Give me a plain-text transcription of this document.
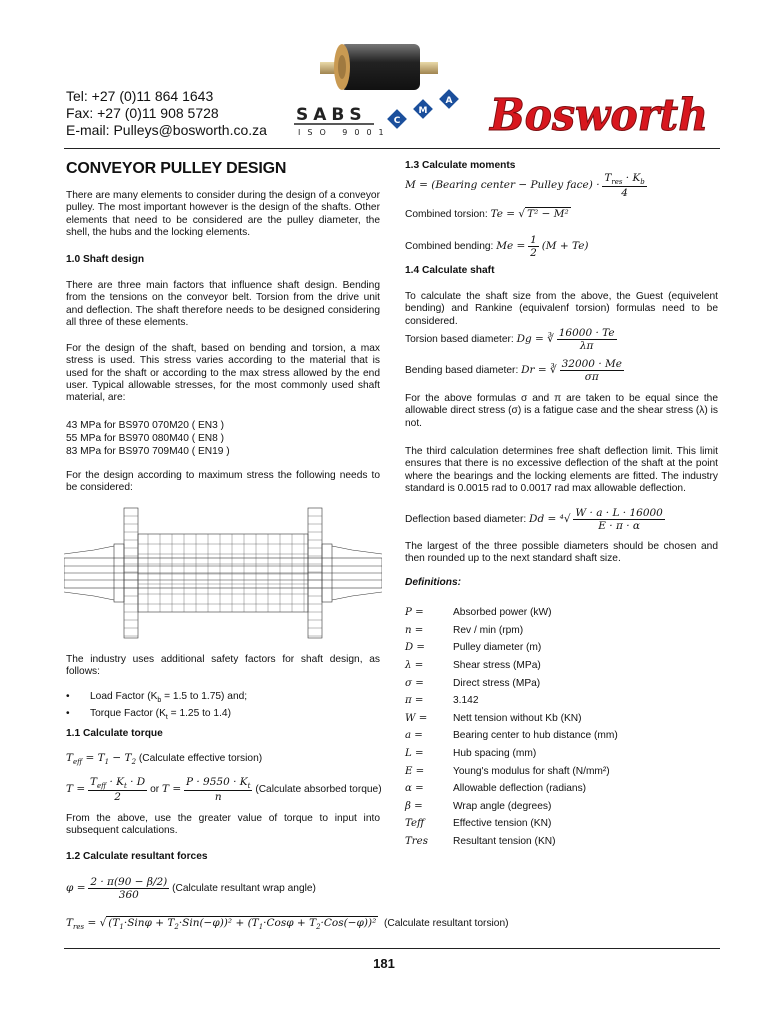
Tel: +27 (0)11 864 1643
Fax: +27 (0)11 908 5728
E-mail: Pulleys@bosworth.co.za
SABS
ISO 9001
C
M
A Bosworth
CONVEYOR PULLEY DESIGN
There are many elements to consider during the design of a conveyor pulley. The most important however is the design of the shafts. Other elements that need to be considered are the pulley diameter, the shell, the hubs and the locking elements.
1.0 Shaft design
There are three main factors that influence shaft design. Bending from the tensions on the conveyor belt. Torsion from the drive unit and deflection. The shaft therefore needs to be designed considering all three of these elements.
For the design of the shaft, based on bending and torsion, a max stress is used. This stress varies according to the material that is used for the shaft or according to the max stress allowed by the end user. Typical allowable stresses, for the most commonly used shaft material, are:
43 MPa for BS970 070M20 ( EN3 )
55 MPa for BS970 080M40 ( EN8 )
83 MPa for BS970 709M40 ( EN19 )
For the design according to maximum stress the following needs to be considered:
The industry uses additional safety factors for shaft design, as follows:
• Load Factor ($K_b = 1.5$ to 1.75) and;
• Torque Factor ($K_t = 1.25$ to 1.4)
1.1 Calculate torque
$T_{eff} = T_1 - T_2$ (Calculate effective torsion)
$T = \frac{T_{eff} \cdot K_t \cdot D}{2}$ or $T = \frac{P \cdot 9550 \cdot K_t}{n}$ (Calculate absorbed torque)
From the above, use the greater value of torque to input into subsequent calculations.
1.2 Calculate resultant forces
$\varphi = \frac{2 \cdot \pi(90 - \beta/2)}{360}$ (Calculate resultant wrap angle)
$T_{res}$ = √ $(T_1\cdot Sin\varphi + T_2\cdot Sin(-\varphi))^2 + (T_1\cdot Cos\varphi + T_2\cdot Cos(-\varphi))^2$ (Calculate resultant torsion)
1.3 Calculate moments
M = (Bearing center − Pulley face) · $\frac{T_{res} \cdot K_b}{4}$
Combined torsion: Te = √ T² − M²
Combined bending: $Me = \frac{1}{2} (M + Te)$
1.4 Calculate shaft
To calculate the shaft size from the above, the Guest (equivelent bending) and Rankine (equivalenf torsion) formulas need to be considered.
Torsion based diameter: Dg = ∛ $\frac{16000 \cdot Te}{\lambda\pi}$
Bending based diameter: Dr = ∛ $\frac{32000 \cdot Me}{\sigma\pi}$
For the above formulas σ and π are taken to be equal since the allowable direct stress (σ) is a fatigue case and the shear stress (λ) is not.
The third calculation determines free shaft deflection limit. This limit ensures that there is no excessive deflection of the shaft at the point where the bearings and the locking elements are fitted. The industry standard is 0.0015 rad to 0.0017 rad max allowable deflection.
Deflection based diameter: $Dd = ^4√ \frac{W \cdot a \cdot L \cdot 16000}{E \cdot \pi \cdot \alpha}$
The largest of the three possible diameters should be chosen and then rounded up to the next standard shaft size.
Definitions:
P =	Absorbed power (kW)
n =	Rev / min (rpm)
D =	Pulley diameter (m)
λ =	Shear stress (MPa)
σ =	Direct stress (MPa)
π =	3.142
W =	Nett tension without Kb (KN)
a =	Bearing center to hub distance (mm)
L =	Hub spacing (mm)
E =	Young's modulus for shaft (N/mm²)
α =	Allowable deflection (radians)
β =	Wrap angle (degrees)
Teff	Effective tension (KN)
Tres	Resultant tension (KN)
181
